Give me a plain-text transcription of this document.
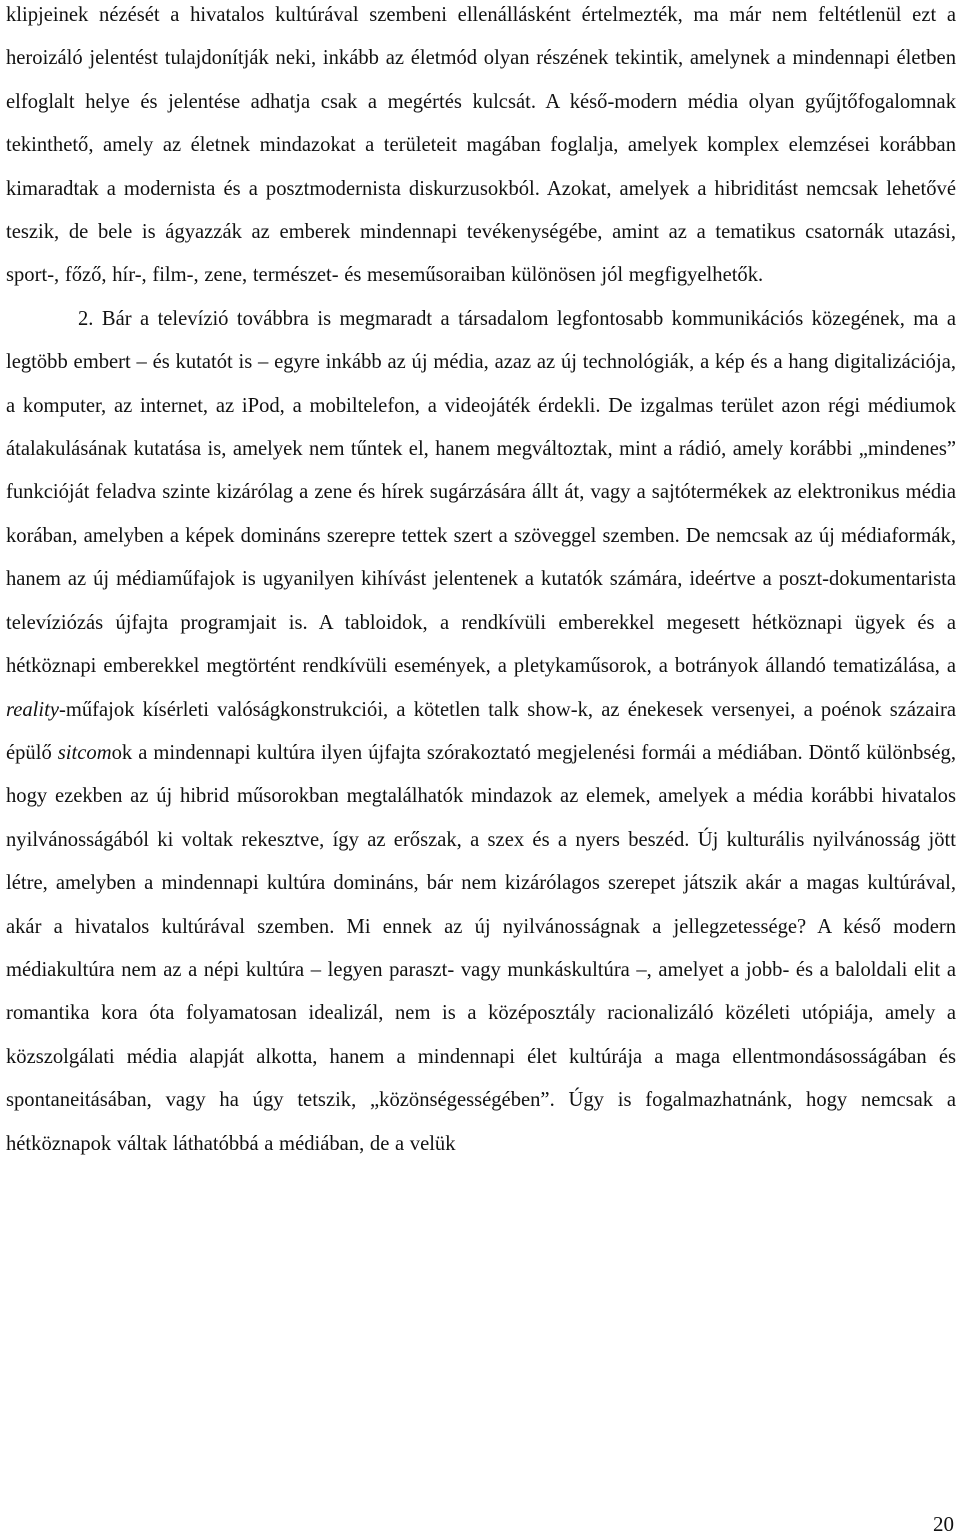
klipjeinek nézését a hivatalos kultúrával szembeni ellenállásként értelmezték, ma már nem feltétlenül ezt a heroizáló jelentést tulajdonítják neki, inkább az életmód olyan részének tekintik, amelynek a mindennapi életben elfoglalt helye és jelentése adhatja csak a megértés kulcsát. A késő-modern média olyan gyűjtőfogalomnak tekinthető, amely az életnek mindazokat a területeit magában foglalja, amelyek komplex elemzései korábban kimaradtak a modernista és a posztmodernista diskurzusokból. Azokat, amelyek a hibriditást nemcsak lehetővé teszik, de bele is ágyazzák az emberek mindennapi tevékenységébe, amint az a tematikus csatornák utazási, sport-, főző, hír-, film-, zene, természet- és meseműsoraiban különösen jól megfigyelhetők.

2. Bár a televízió továbbra is megmaradt a társadalom legfontosabb kommunikációs közegének, ma a legtöbb embert – és kutatót is – egyre inkább az új média, azaz az új technológiák, a kép és a hang digitalizációja, a komputer, az internet, az iPod, a mobiltelefon, a videojáték érdekli. De izgalmas terület azon régi médiumok átalakulásának kutatása is, amelyek nem tűntek el, hanem megváltoztak, mint a rádió, amely korábbi „mindenes” funkcióját feladva szinte kizárólag a zene és hírek sugárzására állt át, vagy a sajtótermékek az elektronikus média korában, amelyben a képek domináns szerepre tettek szert a szöveggel szemben. De nemcsak az új médiaformák, hanem az új médiaműfajok is ugyanilyen kihívást jelentenek a kutatók számára, ideértve a poszt-dokumentarista televíziózás újfajta programjait is. A tabloidok, a rendkívüli emberekkel megesett hétköznapi ügyek és a hétköznapi emberekkel megtörtént rendkívüli események, a pletykaműsorok, a botrányok állandó tematizálása, a reality-műfajok kísérleti valóságkonstrukciói, a kötetlen talk show-k, az énekesek versenyei, a poénok százaira épülő sitcomok a mindennapi kultúra ilyen újfajta szórakoztató megjelenési formái a médiában. Döntő különbség, hogy ezekben az új hibrid műsorokban megtalálhatók mindazok az elemek, amelyek a média korábbi hivatalos nyilvánosságából ki voltak rekesztve, így az erőszak, a szex és a nyers beszéd. Új kulturális nyilvánosság jött létre, amelyben a mindennapi kultúra domináns, bár nem kizárólagos szerepet játszik akár a magas kultúrával, akár a hivatalos kultúrával szemben. Mi ennek az új nyilvánosságnak a jellegzetessége? A késő modern médiakultúra nem az a népi kultúra – legyen paraszt- vagy munkáskultúra –, amelyet a jobb- és a baloldali elit a romantika kora óta folyamatosan idealizál, nem is a középosztály racionalizáló közéleti utópiája, amely a közszolgálati média alapját alkotta, hanem a mindennapi élet kultúrája a maga ellentmondásosságában és spontaneitásában, vagy ha úgy tetszik, „közönségességében”. Úgy is fogalmazhatnánk, hogy nemcsak a hétköznapok váltak láthatóbbá a médiában, de a velük

20
